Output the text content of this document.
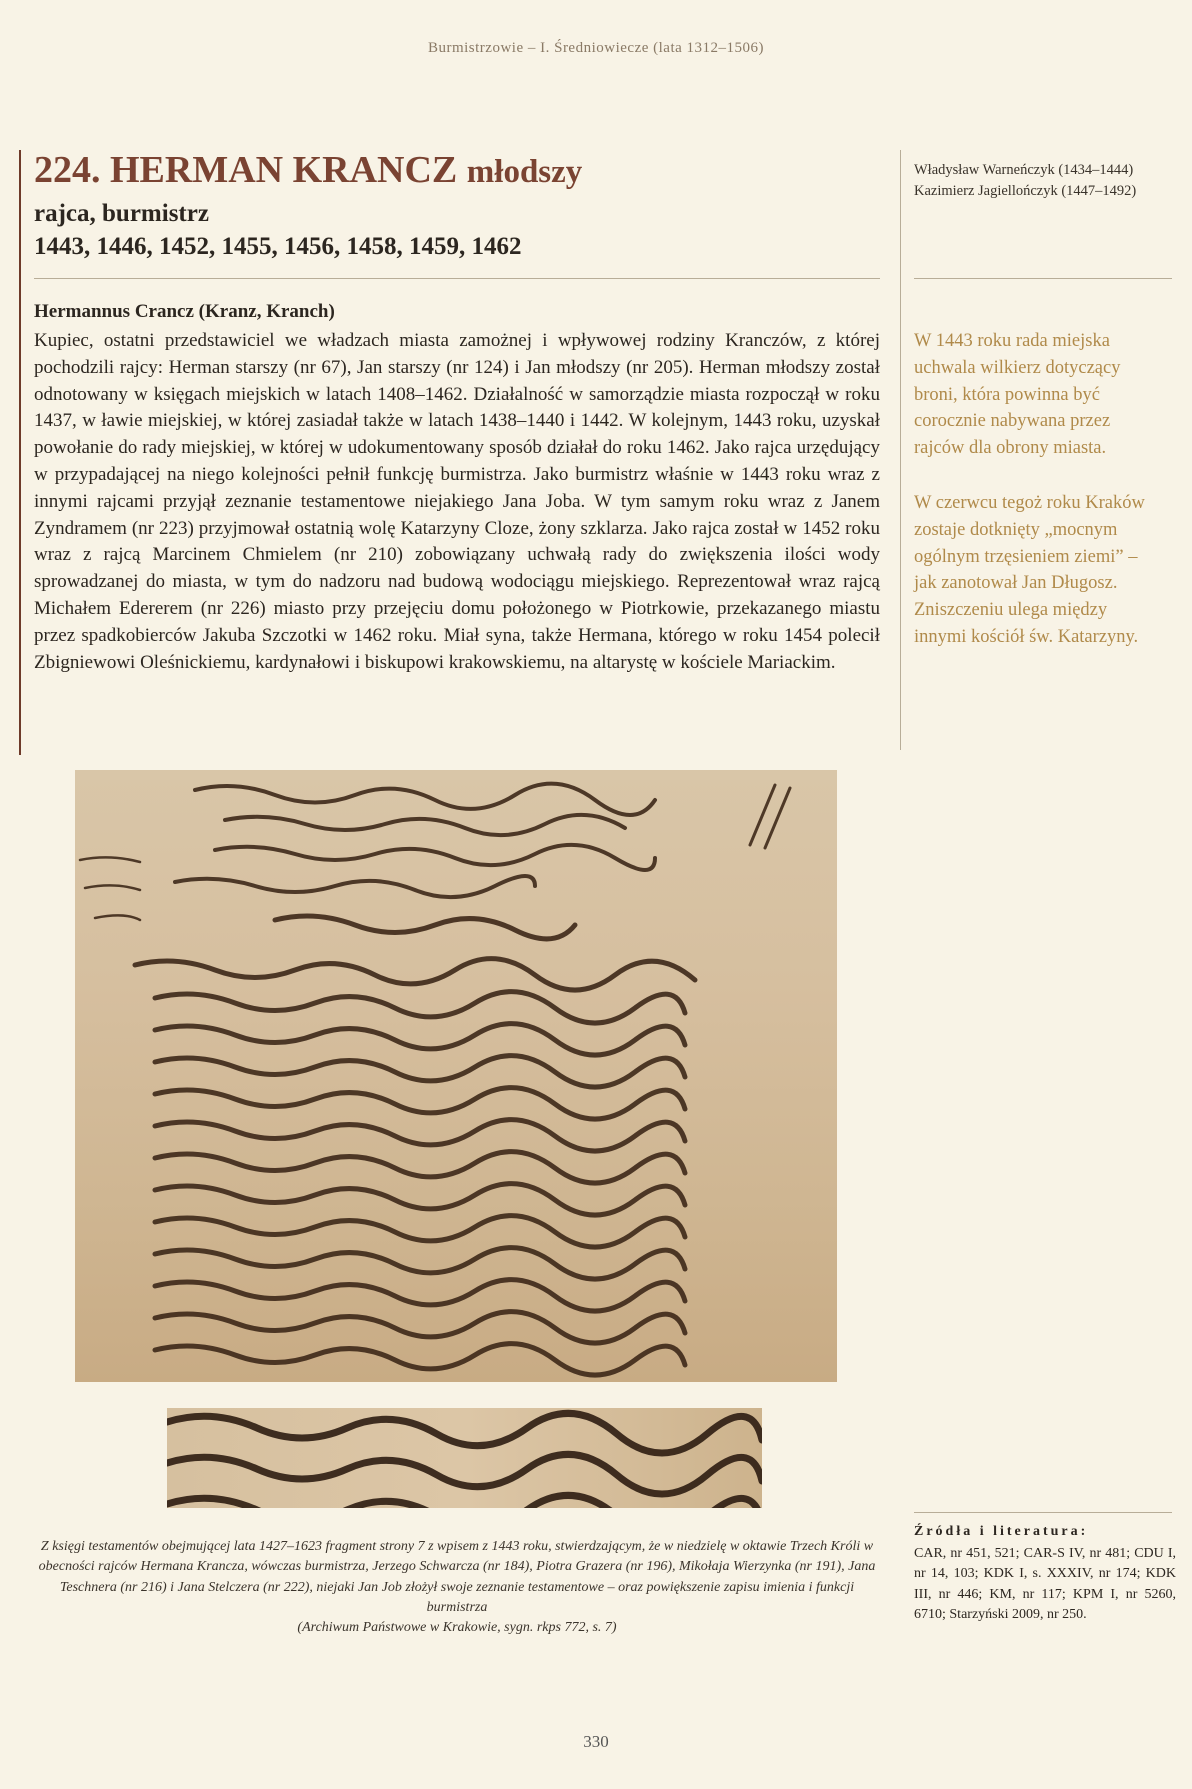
Burmistrzowie – I. Średniowiecze (lata 1312–1506)
224. HERMAN KRANCZ młodszy
rajca, burmistrz
1443, 1446, 1452, 1455, 1456, 1458, 1459, 1462
Władysław Warneńczyk (1434–1444)
Kazimierz Jagiellończyk (1447–1492)
Hermannus Crancz (Kranz, Kranch)

Kupiec, ostatni przedstawiciel we władzach miasta zamożnej i wpływowej rodziny Kranczów, z której pochodzili rajcy: Herman starszy (nr 67), Jan starszy (nr 124) i Jan młodszy (nr 205). Herman młodszy został odnotowany w księgach miejskich w latach 1408–1462. Działalność w samorządzie miasta rozpoczął w roku 1437, w ławie miejskiej, w której zasiadał także w latach 1438–1440 i 1442. W kolejnym, 1443 roku, uzyskał powołanie do rady miejskiej, w której w udokumentowany sposób działał do roku 1462. Jako rajca urzędujący w przypadającej na niego kolejności pełnił funkcję burmistrza. Jako burmistrz właśnie w 1443 roku wraz z innymi rajcami przyjął zeznanie testamentowe niejakiego Jana Joba. W tym samym roku wraz z Janem Zyndramem (nr 223) przyjmował ostatnią wolę Katarzyny Cloze, żony szklarza. Jako rajca został w 1452 roku wraz z rajcą Marcinem Chmielem (nr 210) zobowiązany uchwałą rady do zwiększenia ilości wody sprowadzanej do miasta, w tym do nadzoru nad budową wodociągu miejskiego. Reprezentował wraz rajcą Michałem Edererem (nr 226) miasto przy przejęciu domu położonego w Piotrkowie, przekazanego miastu przez spadkobierców Jakuba Szczotki w 1462 roku. Miał syna, także Hermana, którego w roku 1454 polecił Zbigniewowi Oleśnickiemu, kardynałowi i biskupowi krakowskiemu, na altarystę w kościele Mariackim.

W 1443 roku rada miejska uchwala wilkierz dotyczący broni, która powinna być corocznie nabywana przez rajców dla obrony miasta.
W czerwcu tegoż roku Kraków zostaje dotknięty „mocnym ogólnym trzęsieniem ziemi” – jak zanotował Jan Długosz. Zniszczeniu ulega między innymi kościół św. Katarzyny.

Z księgi testamentów obejmującej lata 1427–1623 fragment strony 7 z wpisem z 1443 roku, stwierdzającym, że w niedzielę w oktawie Trzech Króli w obecności rajców Hermana Krancza, wówczas burmistrza, Jerzego Schwarcza (nr 184), Piotra Grazera (nr 196), Mikołaja Wierzynka (nr 191), Jana Teschnera (nr 216) i Jana Stelczera (nr 222), niejaki Jan Job złożył swoje zeznanie testamentowe – oraz powiększenie zapisu imienia i funkcji burmistrza

(Archiwum Państwowe w Krakowie, sygn. rkps 772, s. 7)

Źródła i literatura:
CAR, nr 451, 521; CAR-S IV, nr 481; CDU I, nr 14, 103; KDK I, s. XXXIV, nr 174; KDK III, nr 446; KM, nr 117; KPM I, nr 5260, 6710; Starzyński 2009, nr 250.
330
